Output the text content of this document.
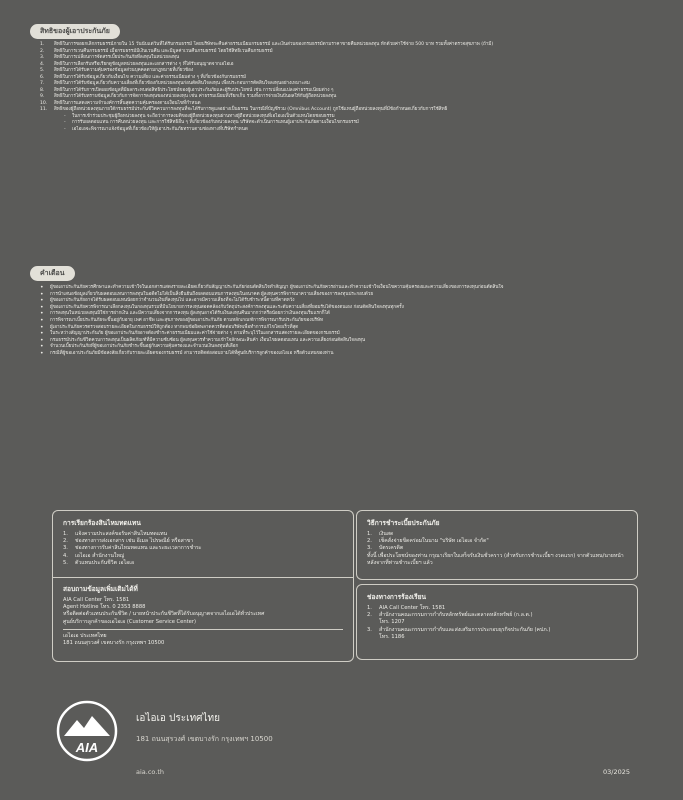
สิทธิของผู้เอาประกันภัย
1.	สิทธิในการขอยกเลิกกรมธรรม์ภายใน 15 วันนับแต่วันที่ได้รับกรมธรรม์ โดยบริษัทจะคืนค่าธรรมเนียมกรมธรรม์ และเงินส่วนของกรมธรรม์ตามราคาขายคืนหน่วยลงทุน หักด้วยค่าใช้จ่าย 500 บาท รวมทั้งค่าตรวจสุขภาพ (ถ้ามี)
2.	สิทธิในการเวนคืนกรมธรรม์ เมื่อกรมธรรม์มีเงินเวนคืน และมีมูลค่าเวนคืนกรมธรรม์ โดยใช้สิทธิเวนคืนกรมธรรม์
3.	สิทธิในการเปลี่ยนการจัดสรรเบี้ยประกันภัยที่ลงทุนในหน่วยลงทุน
4.	สิทธิในการเลือกรับหรือเรียกดูข้อมูลหน่วยลงทุนและเอกสารต่าง ๆ ที่ได้รับอนุญาตจากเอไอเอ
5.	สิทธิในการได้รับความคุ้มครองข้อมูลส่วนบุคคลตามกฎหมายที่เกี่ยวข้อง
6.	สิทธิในการได้รับข้อมูลเกี่ยวกับเงื่อนไข ความเสี่ยง และค่าธรรมเนียมต่าง ๆ ที่เกี่ยวข้องกับกรมธรรม์
7.	สิทธิในการได้รับข้อมูลเกี่ยวกับความเสี่ยงที่เกี่ยวข้องกับหน่วยลงทุนก่อนตัดสินใจลงทุน เพื่อประกอบการตัดสินใจลงทุนอย่างเหมาะสม
8.	สิทธิในการได้รับการเปิดเผยข้อมูลที่มีผลกระทบต่อสิทธิประโยชน์ของผู้เอาประกันภัยและผู้รับประโยชน์ เช่น การเปลี่ยนแปลงค่าธรรมเนียมต่าง ๆ
9.	สิทธิในการได้รับทราบข้อมูลเกี่ยวกับการจัดการลงทุนของหน่วยลงทุน เช่น ค่าธรรมเนียมที่เรียกเก็บ รวมทั้งการจ่ายเงินปันผลให้กับผู้ถือหน่วยลงทุน
10.	สิทธิในการแสดงความจำนงค์การสิ้นสุดความคุ้มครองตามเงื่อนไขที่กำหนด
11.	สิทธิของผู้ถือหน่วยลงทุนภายใต้กรมธรรม์ประกันชีวิตควบการลงทุนที่จะได้รับการดูแลอย่างเป็นธรรม ในกรณีที่บัญชีรวม (Omnibus Account) ถูกใช้แทนผู้ถือหน่วยลงทุนที่มีข้อกำหนดเกี่ยวกับการใช้สิทธิ
-	ในการเข้าร่วมประชุมผู้ถือหน่วยลงทุน จะถือว่าการลงมติของผู้ถือหน่วยลงทุนผ่านทางผู้ถือหน่วยลงทุนที่เอไอเอเป็นตัวแทนโดยชอบธรรม
-	การรับผลตอบแทน การคืนหน่วยลงทุน และการใช้สิทธิอื่น ๆ ที่เกี่ยวข้องกับหน่วยลงทุน บริษัทจะดำเนินการแทนผู้เอาประกันภัยตามเงื่อนไขกรมธรรม์
-	เอไอเอจะพิจารณาแจ้งข้อมูลที่เกี่ยวข้องให้ผู้เอาประกันภัยทราบตามช่องทางที่บริษัทกำหนด
คำเตือน
•	ผู้ขอเอาประกันภัยควรศึกษาและทำความเข้าใจในเอกสารแสดงรายละเอียดเกี่ยวกับสัญญาประกันภัยก่อนตัดสินใจทำสัญญา ผู้ขอเอาประกันภัยควรอ่านและทำความเข้าใจเงื่อนไขความคุ้มครองและความเสี่ยงของการลงทุนก่อนตัดสินใจ
•	การนำเสนอข้อมูลเกี่ยวกับผลตอบแทนการลงทุนในอดีตไม่ได้เป็นสิ่งยืนยันถึงผลตอบแทนการลงทุนในอนาคต ผู้ลงทุนควรพิจารณาความเสี่ยงของการลงทุนประกอบด้วย
•	ผู้ขอเอาประกันภัยอาจได้รับผลตอบแทนน้อยกว่าจำนวนเงินที่ลงทุนไป และอาจมีความเสี่ยงที่จะไม่ได้รับชำระหนี้ตามที่คาดหวัง
•	ผู้ขอเอาประกันภัยควรพิจารณาเลือกลงทุนในกองทุนรวมที่มีนโยบายการลงทุนสอดคล้องกับวัตถุประสงค์การลงทุนและระดับความเสี่ยงที่ยอมรับได้ของตนเอง ก่อนตัดสินใจลงทุนทุกครั้ง
•	การลงทุนในหน่วยลงทุนมิใช่การฝากเงิน และมีความเสี่ยงจากการลงทุน ผู้ลงทุนอาจได้รับเงินลงทุนคืนมากกว่าหรือน้อยกว่าเงินลงทุนเริ่มแรกก็ได้
•	การพิจารณาเบี้ยประกันภัยจะขึ้นอยู่กับอายุ เพศ อาชีพ และสุขภาพของผู้ขอเอาประกันภัย ตามหลักเกณฑ์การพิจารณารับประกันภัยของบริษัท
•	ผู้เอาประกันภัยควรตรวจสอบรายละเอียดในกรมธรรม์ให้ถูกต้อง หากพบข้อผิดพลาดควรติดต่อบริษัทเพื่อทำการแก้ไขโดยเร็วที่สุด
•	ในระหว่างสัญญาประกันภัย ผู้ขอเอาประกันภัยอาจต้องชำระค่าธรรมเนียมและค่าใช้จ่ายต่าง ๆ ตามที่ระบุไว้ในเอกสารแสดงรายละเอียดของกรมธรรม์
•	กรมธรรม์ประกันชีวิตควบการลงทุนเป็นผลิตภัณฑ์ที่มีความซับซ้อน ผู้ลงทุนควรทำความเข้าใจลักษณะสินค้า เงื่อนไขผลตอบแทน และความเสี่ยงก่อนตัดสินใจลงทุน
•	จำนวนเบี้ยประกันภัยที่ผู้ขอเอาประกันภัยชำระขึ้นอยู่กับความคุ้มครองและจำนวนเงินลงทุนที่เลือก
•	กรณีที่ผู้ขอเอาประกันภัยมีข้อสงสัยเกี่ยวกับรายละเอียดของกรมธรรม์ สามารถติดต่อสอบถามได้ที่ศูนย์บริการลูกค้าของเอไอเอ หรือตัวแทนของท่าน
การเรียกร้องสินไหมทดแทน
1. แจ้งความประสงค์ขอรับค่าสินไหมทดแทน
2. ช่องทางการส่งเอกสาร เช่น อีเมล ไปรษณีย์ หรือสาขา
3. ช่องทางการรับค่าสินไหมทดแทน และระยะเวลาการชำระ
4. เอไอเอ สำนักงานใหญ่
5. ตัวแทนประกันชีวิต เอไอเอ
สอบถามข้อมูลเพิ่มเติมได้ที่
AIA Call Center โทร. 1581
Agent Hotline โทร. 0 2353 8888
หรือติดต่อตัวแทนประกันชีวิต / นายหน้าประกันชีวิตที่ได้รับอนุญาตจากเอไอเอได้ทั่วประเทศ
ศูนย์บริการลูกค้าของเอไอเอ (Customer Service Center)
เอไอเอ ประเทศไทย
181 ถนนสุรวงศ์ เขตบางรัก กรุงเทพฯ 10500
วิธีการชำระเบี้ยประกันภัย
1. เงินสด
2. เช็คสั่งจ่ายขีดคร่อมในนาม "บริษัท เอไอเอ จำกัด"
3. บัตรเครดิต
ทั้งนี้ เพื่อประโยชน์ของท่าน กรุณาเรียกใบเสร็จรับเงินชั่วคราว (สำหรับการชำระเบี้ยฯ งวดแรก) จากตัวแทน/นายหน้า หลังจากที่ท่านชำระเบี้ยฯ แล้ว
ช่องทางการร้องเรียน
1. AIA Call Center โทร. 1581
2. สำนักงานคณะกรรมการกำกับหลักทรัพย์และตลาดหลักทรัพย์ (ก.ล.ต.)
โทร. 1207
3. สำนักงานคณะกรรมการกำกับและส่งเสริมการประกอบธุรกิจประกันภัย (คปภ.)
โทร. 1186
AIA
เอไอเอ ประเทศไทย
181 ถนนสุรวงศ์ เขตบางรัก กรุงเทพฯ 10500
aia.co.th	03/2025
